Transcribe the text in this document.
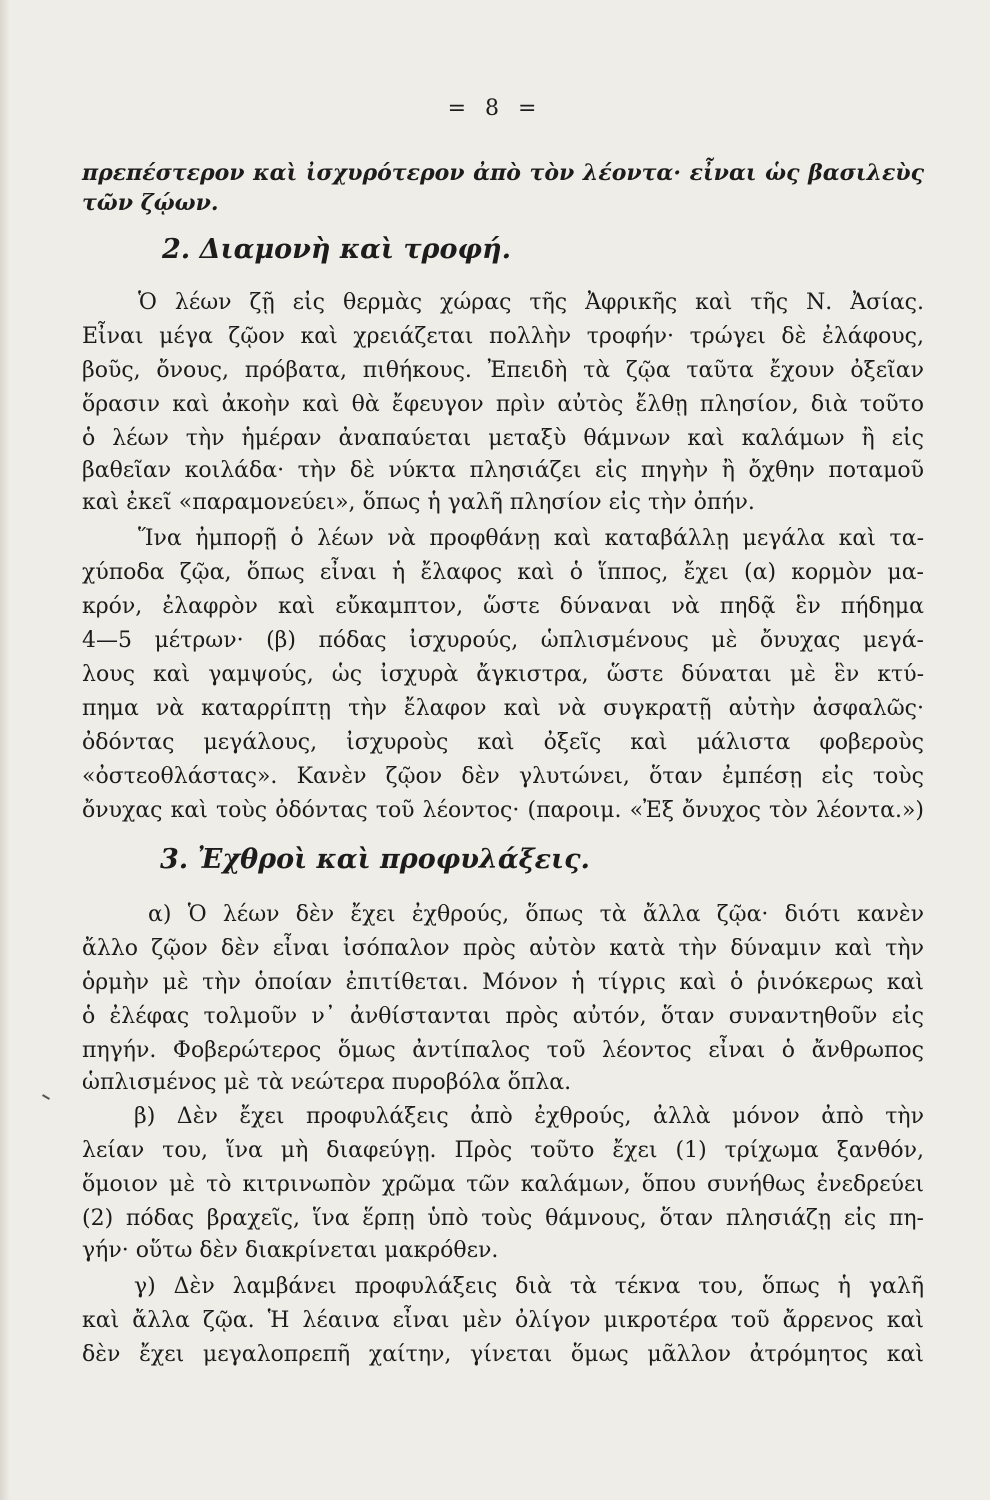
= 8 =
πρεπέστερον καὶ ἰσχυρότερον ἀπὸ τὸν λέοντα· εἶναι ὡς βασιλεὺς
τῶν ζῴων.
2. Διαμονὴ καὶ τροφή.
Ὁ λέων ζῇ εἰς θερμὰς χώρας τῆς Ἀφρικῆς καὶ τῆς Ν. Ἀσίας.
Εἶναι μέγα ζῷον καὶ χρειάζεται πολλὴν τροφήν· τρώγει δὲ ἐλάφους,
βοῦς, ὄνους, πρόβατα, πιθήκους. Ἐπειδὴ τὰ ζῷα ταῦτα ἔχουν ὀξεῖαν
ὅρασιν καὶ ἀκοὴν καὶ θὰ ἔφευγον πρὶν αὐτὸς ἔλθῃ πλησίον, διὰ τοῦτο
ὁ λέων τὴν ἡμέραν ἀναπαύεται μεταξὺ θάμνων καὶ καλάμων ἢ εἰς
βαθεῖαν κοιλάδα· τὴν δὲ νύκτα πλησιάζει εἰς πηγὴν ἢ ὄχθην ποταμοῦ
καὶ ἐκεῖ «παραμονεύει», ὅπως ἡ γαλῆ πλησίον εἰς τὴν ὀπήν.
Ἵνα ἠμπορῇ ὁ λέων νὰ προφθάνῃ καὶ καταβάλλῃ μεγάλα καὶ τα-
χύποδα ζῷα, ὅπως εἶναι ἡ ἔλαφος καὶ ὁ ἵππος, ἔχει (α) κορμὸν μα-
κρόν, ἐλαφρὸν καὶ εὔκαμπτον, ὥστε δύναναι νὰ πηδᾷ ἓν πήδημα
4—5 μέτρων· (β) πόδας ἰσχυρούς, ὡπλισμένους μὲ ὄνυχας μεγά-
λους καὶ γαμψούς, ὡς ἰσχυρὰ ἄγκιστρα, ὥστε δύναται μὲ ἓν κτύ-
πημα νὰ καταρρίπτῃ τὴν ἔλαφον καὶ νὰ συγκρατῇ αὐτὴν ἀσφαλῶς·
ὀδόντας μεγάλους, ἰσχυροὺς καὶ ὀξεῖς καὶ μάλιστα φοβεροὺς
«ὀστεοθλάστας». Κανὲν ζῷον δὲν γλυτώνει, ὅταν ἐμπέσῃ εἰς τοὺς
ὄνυχας καὶ τοὺς ὀδόντας τοῦ λέοντος· (παροιμ. «Ἐξ ὄνυχος τὸν λέοντα.»)
3. Ἐχθροὶ καὶ προφυλάξεις.
α) Ὁ λέων δὲν ἔχει ἐχθρούς, ὅπως τὰ ἄλλα ζῷα· διότι κανὲν
ἄλλο ζῷον δὲν εἶναι ἰσόπαλον πρὸς αὐτὸν κατὰ τὴν δύναμιν καὶ τὴν
ὁρμὴν μὲ τὴν ὁποίαν ἐπιτίθεται. Μόνον ἡ τίγρις καὶ ὁ ῥινόκερως καὶ
ὁ ἐλέφας τολμοῦν ν᾽ ἀνθίστανται πρὸς αὐτόν, ὅταν συναντηθοῦν εἰς
πηγήν. Φοβερώτερος ὅμως ἀντίπαλος τοῦ λέοντος εἶναι ὁ ἄνθρωπος
ὡπλισμένος μὲ τὰ νεώτερα πυροβόλα ὅπλα.
β) Δὲν ἔχει προφυλάξεις ἀπὸ ἐχθρούς, ἀλλὰ μόνον ἀπὸ τὴν
λείαν του, ἵνα μὴ διαφεύγῃ. Πρὸς τοῦτο ἔχει (1) τρίχωμα ξανθόν,
ὅμοιον μὲ τὸ κιτρινωπὸν χρῶμα τῶν καλάμων, ὅπου συνήθως ἐνεδρεύει
(2) πόδας βραχεῖς, ἵνα ἕρπῃ ὑπὸ τοὺς θάμνους, ὅταν πλησιάζῃ εἰς πη-
γήν· οὕτω δὲν διακρίνεται μακρόθεν.
γ) Δὲν λαμβάνει προφυλάξεις διὰ τὰ τέκνα του, ὅπως ἡ γαλῆ
καὶ ἄλλα ζῷα. Ἡ λέαινα εἶναι μὲν ὀλίγον μικροτέρα τοῦ ἄρρενος καὶ
δὲν ἔχει μεγαλοπρεπῆ χαίτην, γίνεται ὅμως μᾶλλον ἀτρόμητος καὶ
